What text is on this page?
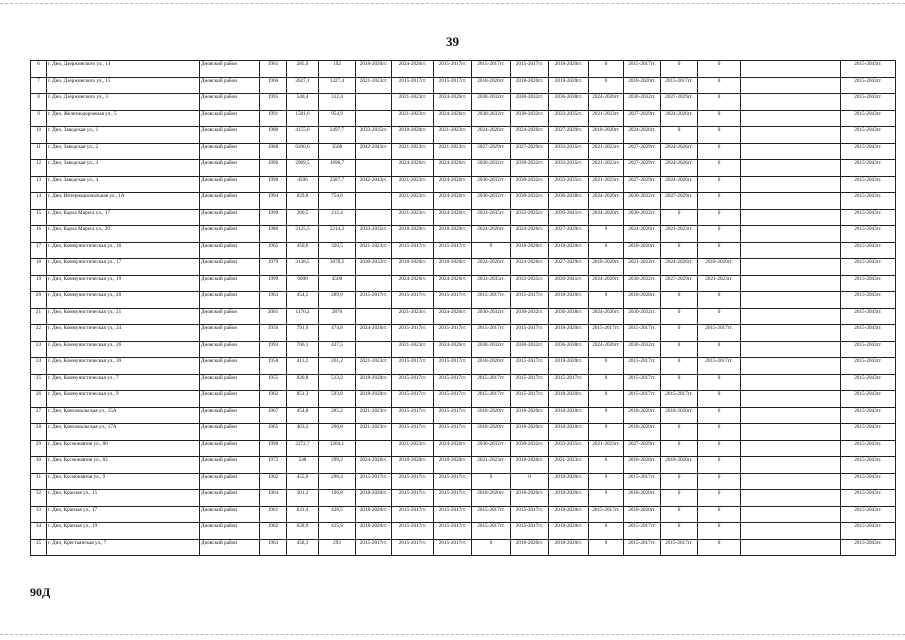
39
6	г. Дно, Дзержинского ул., 14	Дновский район	1961	285,9	192	2018-2020гг.	2024-2026гг.	2015-2017гг.	2015-2017гг.	2015-2017гг.	2018-2020гг.	0	2015-2017гг.	0	0		2015-2043гг.
7	г. Дно, Дзержинского ул., 15	Дновский район	1966	2027,1	1327,4	2021-2023гг.	2015-2017гг.	2015-2017гг.	2018-2020гг.	2018-2020гг.	2018-2020гг.	0	2018-2020гг.	2015-2017гг.	0		2015-2043гг.
8	г. Дно, Дзержинского ул., 3	Дновский район	1995	540,4	312,4		2021-2023гг.	2024-2026гг.	2030-2032гг.	2030-2032гг.	2036-2038гг.	2024-2026гг.	2030-2032гг.	2027-2029гг.	0		2015-2043гг.
9	г. Дно, Железнодорожная ул., 5	Дновский район	1991	1581,6	954,9		2021-2023гг.	2024-2026гг.	2030-2032гг.	2030-2032гг.	2033-2035гг.	2021-2023гг.	2027-2029гг.	2024-2026гг.	0		2015-2043гг.
10	г. Дно, Заводская ул., 1	Дновский район	1980	4155,6	2497,7	2033-2035гг.	2018-2020гг.	2021-2023гг.	2024-2026гг.	2024-2026гг.	2027-2029гг.	2018-2020гг.	2024-2026гг.	0	0		2015-2043гг.
11	г. Дно, Заводская ул., 2	Дновский район	1988	6200,6	3508	2042-2043гг.	2021-2023гг.	2021-2023гг.	2027-2029гг.	2027-2029гг.	2033-2035гг.	2021-2023гг.	2027-2029гг.	2024-2026гг.	0		2015-2043гг.
12	г. Дно, Заводская ул., 3	Дновский район	1990	2909,5	1690,7		2024-2026гг.	2024-2026гг.	2030-2032гг.	2030-2032гг.	2033-2035гг.	2021-2023гг.	2027-2029гг.	2024-2026гг.	0		2015-2043гг.
13	г. Дно, Заводская ул., 4	Дновский район	1990	4506	2587,7	2042-2043гг.	2021-2023гг.	2024-2026гг.	2030-2032гг.	2030-2032гг.	2033-2035гг.	2021-2023гг.	2027-2029гг.	2024-2026гг.	0		2015-2043гг.
14	г. Дно, Интернациональная ул., 1А	Дновский район	1994	829,8	754,6		2021-2023гг.	2024-2026гг.	2030-2032гг.	2030-2032гг.	2036-2038гг.	2024-2026гг.	2030-2032гг.	2027-2029гг.	0		2015-2043гг.
15	г. Дно, Карла Маркса ул., 17	Дновский район	1999	360,5	212,4		2021-2023гг.	2024-2026гг.	2033-2035гг.	2033-2035гг.	2039-2041гг.	2024-2026гг.	2030-2032гг.	0	0		2015-2043гг.
16	г. Дно, Карла Маркса ул., 20	Дновский район	1980	3125,5	2214,3	2033-2035гг.	2018-2020гг.	2018-2020гг.	2024-2026гг.	2024-2026гг.	2027-2029гг.	0	2024-2026гг.	2021-2023гг.	0		2015-2043гг.
17	г. Дно, Коммунистическая ул., 16	Дновский район	1965	450,6	320,5	2021-2023гг.	2015-2017гг.	2015-2017гг.	0	2018-2020гг.	2018-2020гг.	0	2018-2020гг.	0	0		2015-2043гг.
18	г. Дно, Коммунистическая ул., 17	Дновский район	1979	3138,5	3078,2	2030-2032гг.	2018-2020гг.	2018-2020гг.	2024-2026гг.	2024-2026гг.	2027-2029гг.	2018-2020гг.	2021-2023гг.	2024-2026гг.	2018-2020гг.		2015-2043гг.
19	г. Дно, Коммунистическая ул., 19	Дновский район	1999	6000	4500		2024-2026гг.	2024-2026гг.	2033-2035гг.	2033-2035гг.	2039-2041гг.	2024-2026гг.	2030-2032гг.	2027-2029гг.	2021-2023гг.		2015-2043гг.
20	г. Дно, Коммунистическая ул., 20	Дновский район	1963	454,5	289,9	2015-2017гг.	2015-2017гг.	2015-2017гг.	2015-2017гг.	2015-2017гг.	2018-2020гг.	0	2018-2020гг.	0	0		2015-2043гг.
21	г. Дно, Коммунистическая ул., 21	Дновский район	2001	1176,2	2876		2021-2023гг.	2024-2026гг.	2030-2032гг.	2030-2032гг.	2036-2038гг.	2024-2026гг.	2030-2032гг.	0	0		2015-2043гг.
22	г. Дно, Коммунистическая ул., 24	Дновский район	1956	791,9	474,8	2024-2026гг.	2015-2017гг.	2015-2017гг.	2015-2017гг.	2015-2017гг.	2018-2020гг.	2015-2017гг.	2015-2017гг.	0	2015-2017гг.		2015-2043гг.
23	г. Дно, Коммунистическая ул., 26	Дновский район	1993	766,1	427,5		2021-2023гг.	2024-2026гг.	2030-2032гг.	2030-2032гг.	2036-2038гг.	2024-2026гг.	2030-2032гг.	0	0		2015-2043гг.
24	г. Дно, Коммунистическая ул., 39	Дновский район	1958	411,2	261,2	2021-2023гг.	2015-2017гг.	2015-2017гг.	2018-2020гг.	2015-2017гг.	2018-2020гг.	0	2015-2017гг.	0	2015-2017гг.		2015-2043гг.
25	г. Дно, Коммунистическая ул., 7	Дновский район	1955	820,8	513,2	2018-2020гг.	2015-2017гг.	2015-2017гг.	2015-2017гг.	2015-2017гг.	2015-2017гг.	0	2015-2017гг.	0	0		2015-2043гг.
26	г. Дно, Коммунистическая ул., 9	Дновский район	1962	851,3	593,8	2018-2020гг.	2015-2017гг.	2015-2017гг.	2015-2017гг.	2015-2017гг.	2018-2020гг.	0	2015-2017гг.	2015-2017гг.	0		2015-2043гг.
27	г. Дно, Комсомольская ул., 15А	Дновский район	1967	454,8	285,2	2021-2023гг.	2015-2017гг.	2015-2017гг.	2018-2020гг.	2018-2020гг.	2018-2020гг.	0	2018-2020гг.	2018-2020гг.	0		2015-2043гг.
28	г. Дно, Комсомольская ул., 17А	Дновский район	1965	463,2	296,8	2021-2023гг.	2015-2017гг.	2015-2017гг.	2018-2020гг.	2018-2020гг.	2018-2020гг.	0	2018-2020гг.	0	0		2015-2043гг.
29	г. Дно, Космонавтов ул., 80	Дновский район	1990	2272,7	1204,1		2021-2023гг.	2024-2026гг.	2030-2032гг.	2030-2032гг.	2033-2035гг.	2021-2023гг.	2027-2029гг.	0	0		2015-2043гг.
30	г. Дно, Космонавтов ул., 82	Дновский район	1972	548	299,2	2024-2026гг.	2018-2020гг.	2018-2020гг.	2021-2023гг.	2018-2020гг.	2021-2023гг.	0	2018-2020гг.	2018-2020гг.	0		2015-2043гг.
31	г. Дно, Космонавтов ул., 9	Дновский район	1962	455,9	298,4	2015-2017гг.	2015-2017гг.	2015-2017гг.	0	0	2018-2020гг.	0	2015-2017гг.	0	0		2015-2043гг.
32	г. Дно, Красная ул., 15	Дновский район	1964	301,2	196,8	2018-2020гг.	2015-2017гг.	2015-2017гг.	2018-2020гг.	2018-2020гг.	2018-2020гг.	0	2018-2020гг.	0	0		2015-2043гг.
33	г. Дно, Красная ул., 17	Дновский район	1961	631,4	428,5	2018-2020гг.	2015-2017гг.	2015-2017гг.	2015-2017гг.	2015-2017гг.	2018-2020гг.	2015-2017гг.	2018-2020гг.	0	0		2015-2043гг.
34	г. Дно, Красная ул., 19	Дновский район	1962	628,9	415,9	2018-2020гг.	2015-2017гг.	2015-2017гг.	2015-2017гг.	2015-2017гг.	2018-2020гг.	0	2015-2017гг.	0	0		2015-2043гг.
35	г. Дно, Крестьянская ул., 7	Дновский район	1963	458,3	293	2015-2017гг.	2015-2017гг.	2015-2017гг.	0	2018-2020гг.	2018-2020гг.	0	2015-2017гг.	2015-2017гг.	0		2015-2043гг.
90Д
